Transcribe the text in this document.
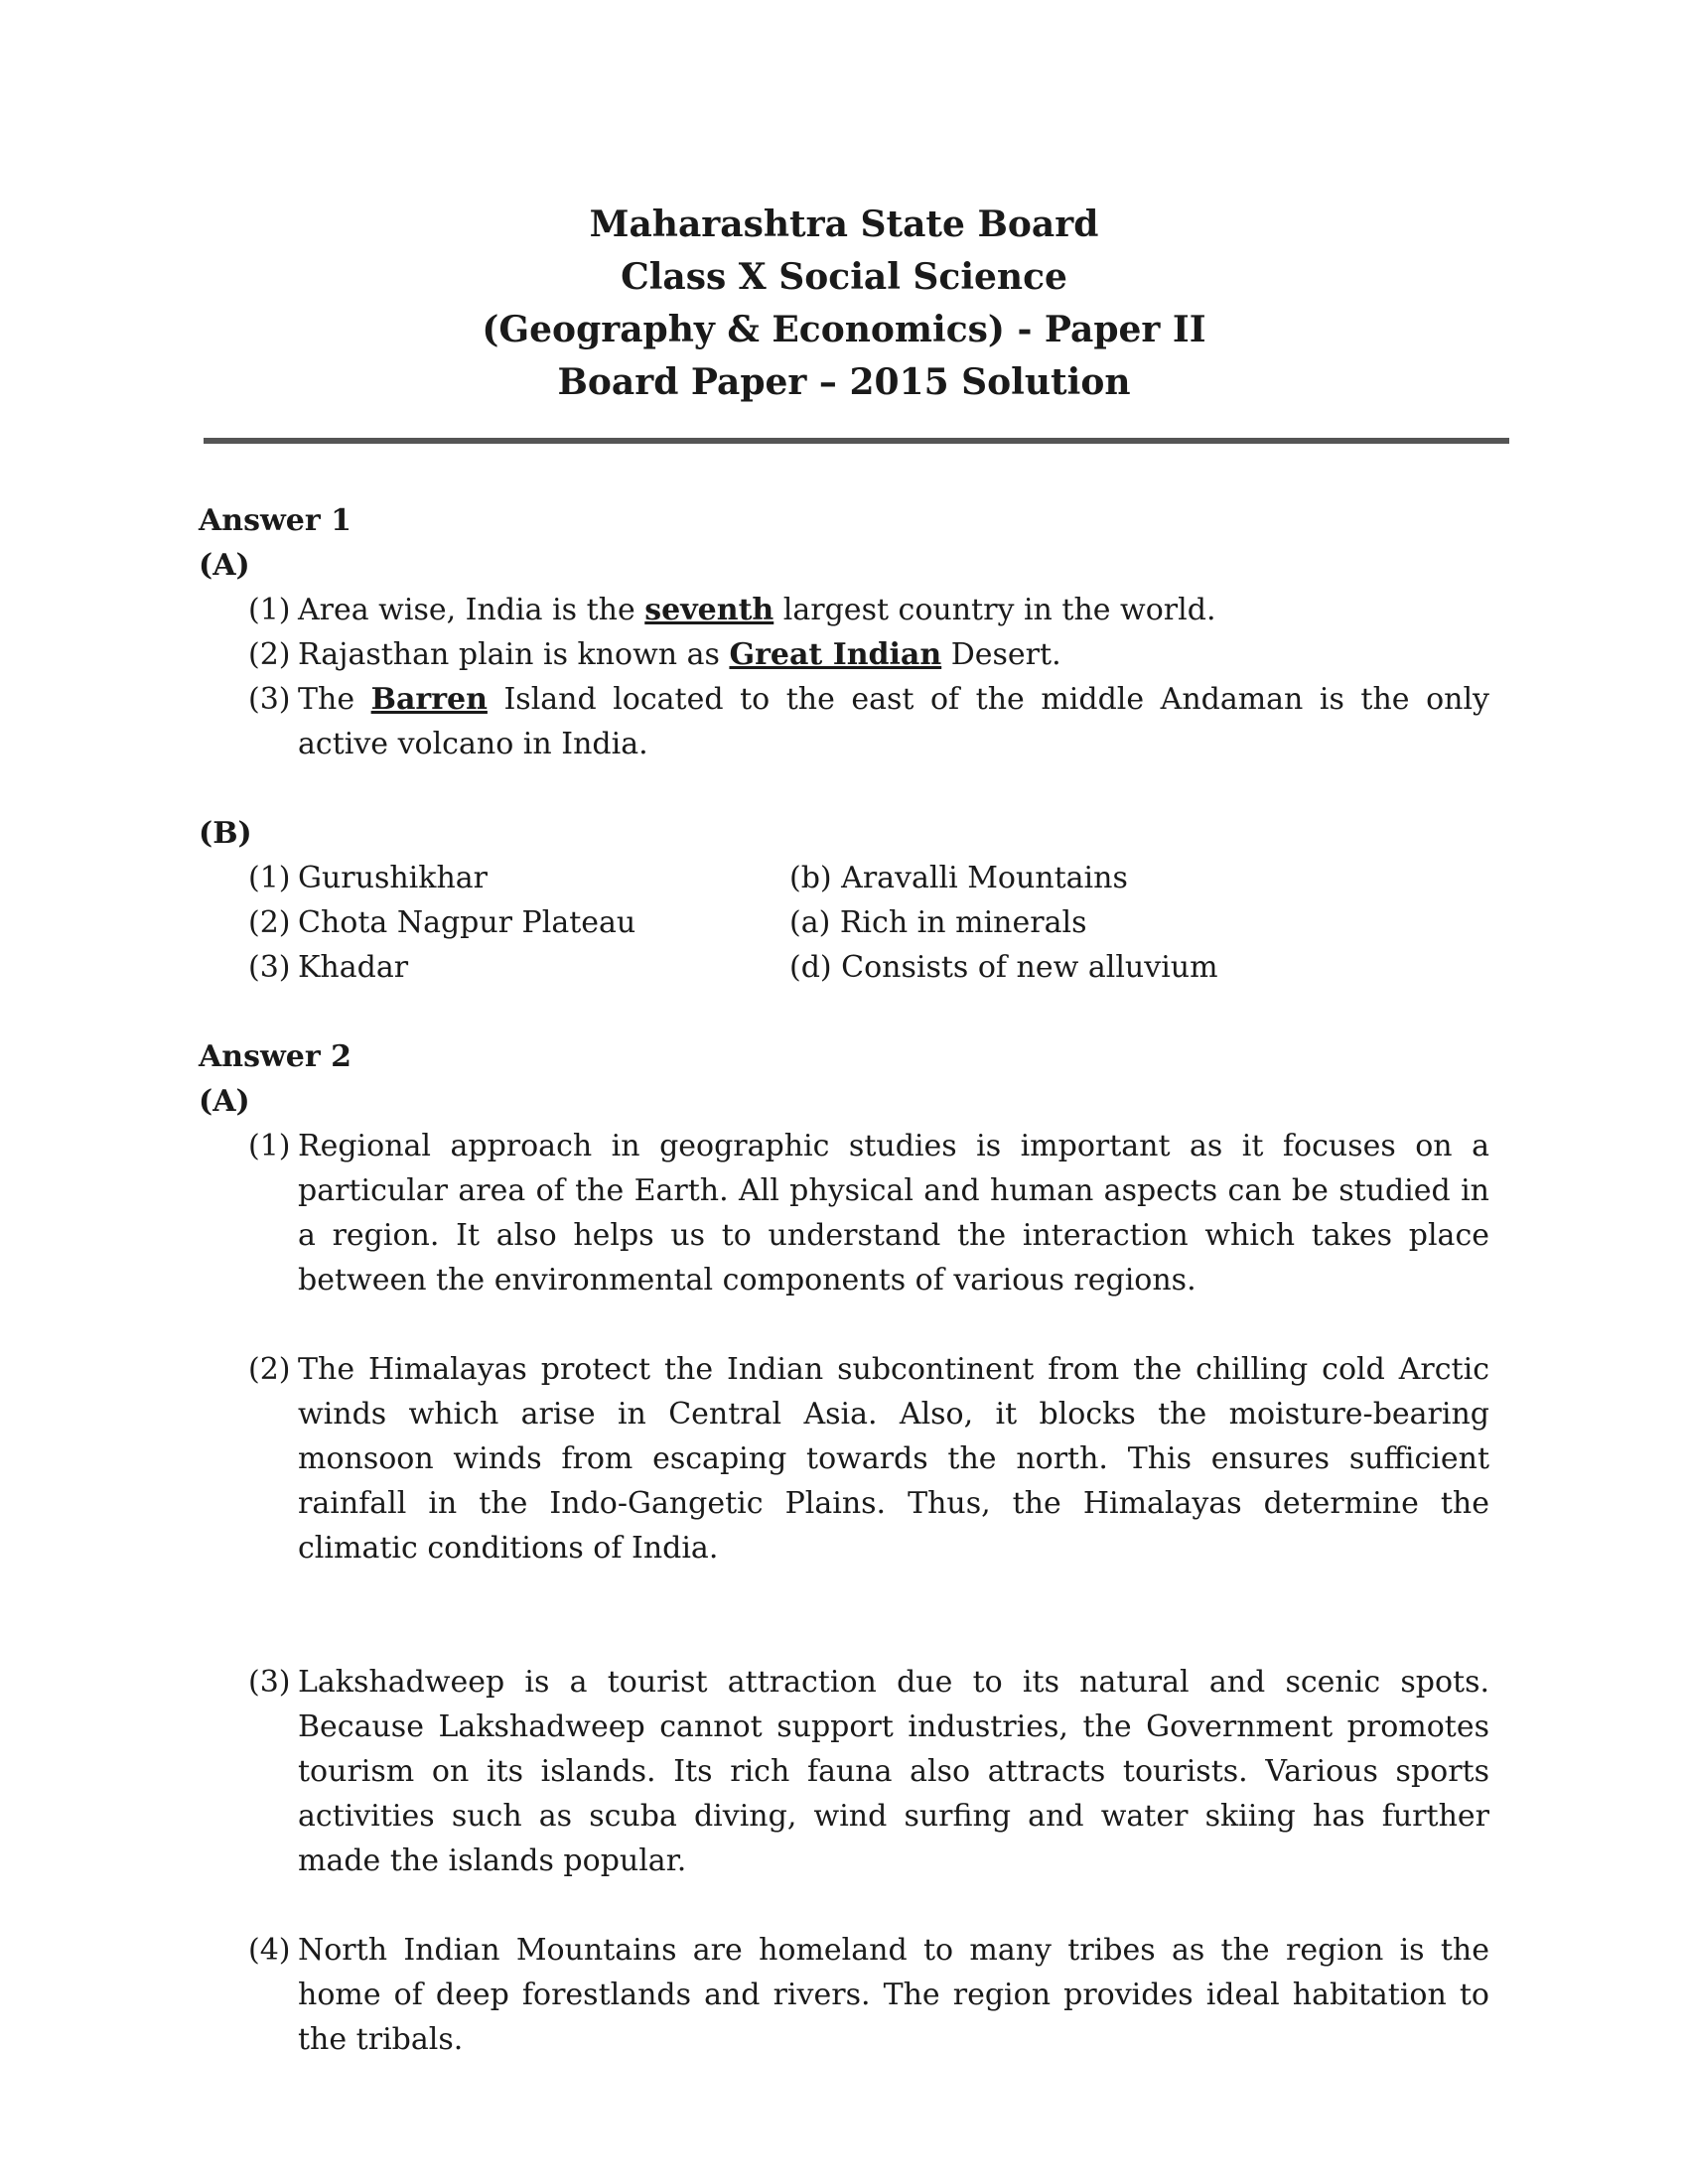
Maharashtra State Board

Class X Social Science

(Geography & Economics) - Paper II

Board Paper – 2015 Solution

Answer 1

(A)

(1) Area wise, India is the seventh largest country in the world.

(2) Rajasthan plain is known as Great Indian Desert.

(3) The Barren Island located to the east of the middle Andaman is the only active volcano in India.

(B)

(1) Gurushikhar	(b) Aravalli Mountains
(2) Chota Nagpur Plateau	(a) Rich in minerals
(3) Khadar	(d) Consists of new alluvium

Answer 2

(A)

(1) Regional approach in geographic studies is important as it focuses on a particular area of the Earth. All physical and human aspects can be studied in a region. It also helps us to understand the interaction which takes place between the environmental components of various regions.

(2) The Himalayas protect the Indian subcontinent from the chilling cold Arctic winds which arise in Central Asia. Also, it blocks the moisture-bearing monsoon winds from escaping towards the north. This ensures sufficient rainfall in the Indo-Gangetic Plains. Thus, the Himalayas determine the climatic conditions of India.

(3) Lakshadweep is a tourist attraction due to its natural and scenic spots. Because Lakshadweep cannot support industries, the Government promotes tourism on its islands. Its rich fauna also attracts tourists. Various sports activities such as scuba diving, wind surfing and water skiing has further made the islands popular.

(4) North Indian Mountains are homeland to many tribes as the region is the home of deep forestlands and rivers. The region provides ideal habitation to the tribals.
